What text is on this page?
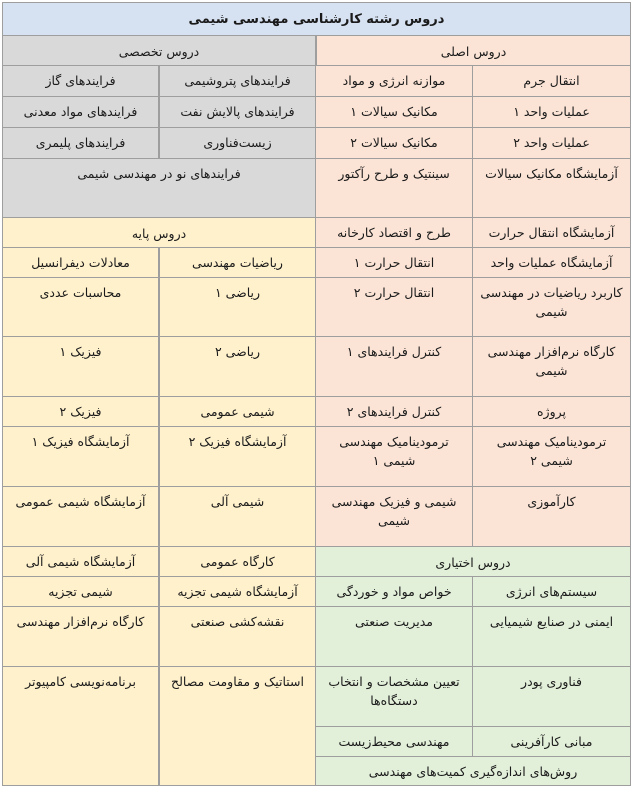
دروس رشته کارشناسی مهندسی شیمی
دروس اصلی
دروس تخصصی
انتقال جرم
موازنه انرژی و مواد
عملیات واحد ۱
مکانیک سیالات ۱
عملیات واحد ۲
مکانیک سیالات ۲
آزمایشگاه مکانیک سیالات
سینتیک و طرح رآکتور
آزمایشگاه انتقال حرارت
طرح و اقتصاد کارخانه
آزمایشگاه عملیات واحد
انتقال حرارت ۱
کاربرد ریاضیات در مهندسی شیمی
انتقال حرارت ۲
کارگاه نرم‌افزار مهندسی شیمی
کنترل فرایندهای ۱
پروژه
کنترل فرایندهای ۲
ترمودینامیک مهندسی شیمی ۲
ترمودینامیک مهندسی شیمی ۱
کارآموزی
شیمی و فیزیک مهندسی شیمی
فرایندهای پتروشیمی
فرایندهای گاز
فرایندهای پالایش نفت
فرایندهای مواد معدنی
زیست‌فناوری
فرایندهای پلیمری
فرایندهای نو در مهندسی شیمی
دروس پایه
ریاضیات مهندسی
معادلات دیفرانسیل
ریاضی ۱
محاسبات عددی
ریاضی ۲
فیزیک ۱
شیمی عمومی
فیزیک ۲
آزمایشگاه فیزیک ۲
آزمایشگاه فیزیک ۱
شیمی آلی
آزمایشگاه شیمی عمومی
کارگاه عمومی
آزمایشگاه شیمی آلی
آزمایشگاه شیمی تجزیه
شیمی تجزیه
نقشه‌کشی صنعتی
کارگاه نرم‌افزار مهندسی
استاتیک و مقاومت مصالح
برنامه‌نویسی کامپیوتر
دروس اختیاری
سیستم‌های انرژی
خواص مواد و خوردگی
ایمنی در صنایع شیمیایی
مدیریت صنعتی
فناوری پودر
تعیین مشخصات و انتخاب دستگاه‌ها
مبانی کارآفرینی
مهندسی محیط‌زیست
روش‌های اندازه‌گیری کمیت‌های مهندسی
